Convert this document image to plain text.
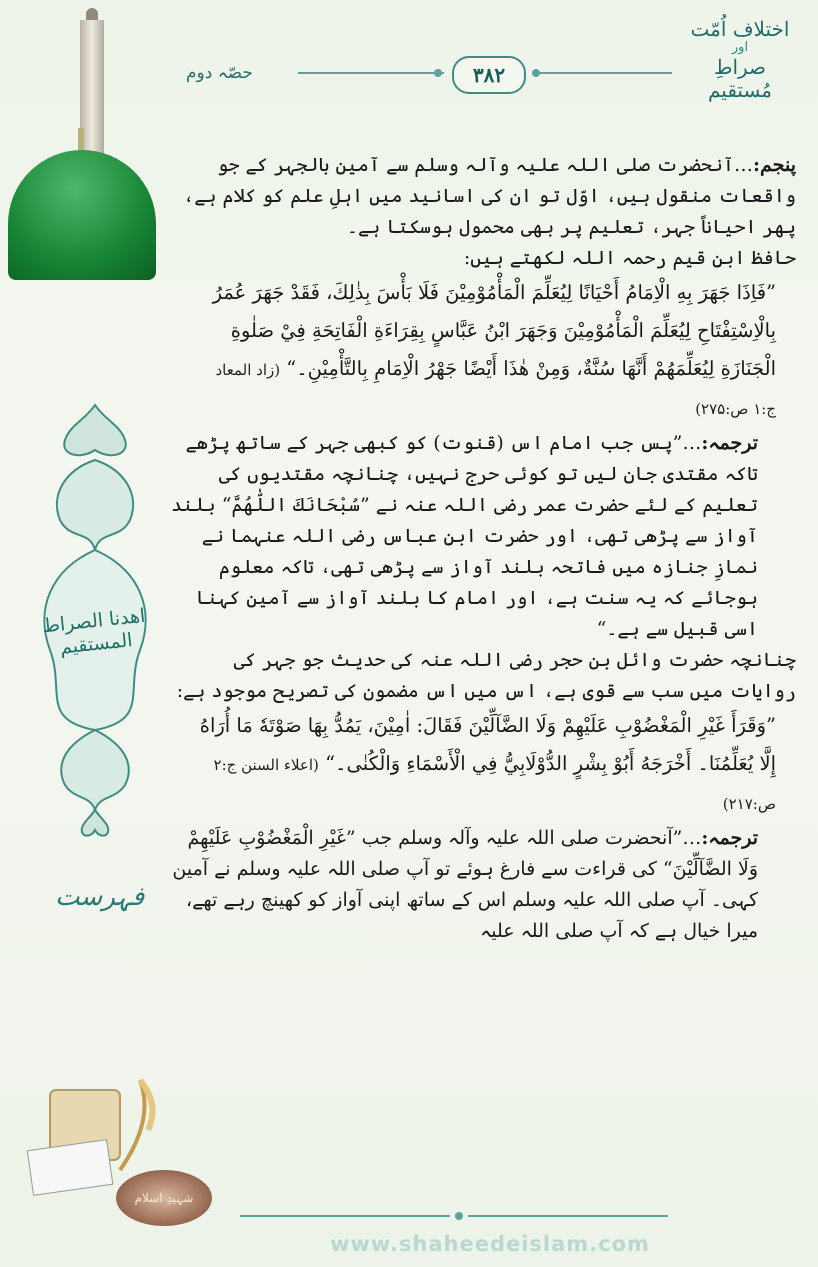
اهدنا الصراط المستقیم
فہرست
شہیدِ اسلام
اختلاف اُمّت
اور
صراطِ مُستقیم
حصّہ دوم	۳۸۲

پنجم:…آنحضرت صلی اللہ علیہ وآلہ وسلم سے آمین بالجہر کے جو واقعات منقول ہیں، اوّل تو ان کی اسانید میں اہلِ علم کو کلام ہے، پھر احیاناً جہر، تعلیم پر بھی محمول ہوسکتا ہے۔

حافظ ابنِ قیم رحمہ اللہ لکھتے ہیں:

”فَاِذَا جَھَرَ بِهِ الْاِمَامُ أَحْيَانًا لِيُعَلِّمَ الْمَأْمُوْمِيْنَ فَلَا بَأْسَ بِذٰلِكَ، فَقَدْ جَھَرَ عُمَرُ بِالْاِسْتِفْتَاحِ لِيُعَلِّمَ الْمَأْمُوْمِيْنَ وَجَھَرَ ابْنُ عَبَّاسٍ بِقِرَاءَةِ الْفَاتِحَةِ فِيْ صَلٰوةِ الْجَنَازَةِ لِيُعَلِّمَهُمْ أَنَّهَا سُنَّةٌ، وَمِنْ هٰذَا أَيْضًا جَهْرُ الْاِمَامِ بِالتَّأْمِيْنِ۔“ (زاد المعاد ج:۱ ص:۲۷۵)

ترجمہ:…”پس جب امام اس (قنوت) کو کبھی جہر کے ساتھ پڑھے تاکہ مقتدی جان لیں تو کوئی حرج نہیں، چنانچہ مقتدیوں کی تعلیم کے لئے حضرت عمر رضی اللہ عنہ نے ”سُبْحَانَكَ اللّٰهُمَّ“ بلند آواز سے پڑھی تھی، اور حضرت ابنِ عباس رضی اللہ عنہما نے نمازِ جنازہ میں فاتحہ بلند آواز سے پڑھی تھی، تاکہ معلوم ہوجائے کہ یہ سنت ہے، اور امام کا بلند آواز سے آمین کہنا اسی قبیل سے ہے۔“

چنانچہ حضرت وائل بن حجر رضی اللہ عنہ کی حدیث جو جہر کی روایات میں سب سے قوی ہے، اس میں اس مضمون کی تصریح موجود ہے:

”وَقَرَأَ غَيْرِ الْمَغْضُوْبِ عَلَيْهِمْ وَلَا الضَّآلِّيْنَ فَقَالَ: اٰمِيْنَ، يَمُدُّ بِهَا صَوْتَهٗ مَا أُرَاهُ إِلَّا يُعَلِّمُنَا۔ أَخْرَجَهُ أَبُوْ بِشْرٍ الدُّوْلَابِيُّ فِي الْأَسْمَاءِ وَالْكُنٰى۔“ (اعلاء السنن ج:۲ ص:۲۱۷)

ترجمہ:…”آنحضرت صلی اللہ علیہ وآلہ وسلم جب ”غَيْرِ الْمَغْضُوْبِ عَلَيْهِمْ وَلَا الضَّآلِّيْنَ“ کی قراءت سے فارغ ہوئے تو آپ صلی اللہ علیہ وسلم نے آمین کہی۔ آپ صلی اللہ علیہ وسلم اس کے ساتھ اپنی آواز کو کھینچ رہے تھے، میرا خیال ہے کہ آپ صلی اللہ علیہ

www.shaheedeislam.com
